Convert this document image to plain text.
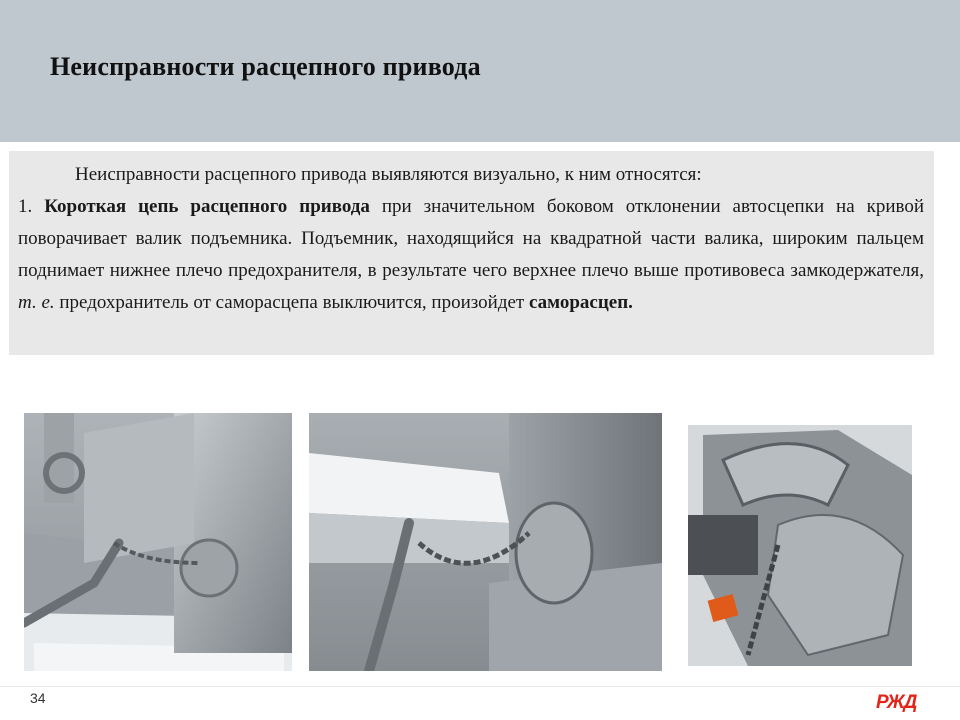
Неисправности расцепного привода

Неисправности расцепного привода выявляются визуально, к ним относятся:

1. Короткая цепь расцепного привода при значительном боковом отклонении автосцепки на кривой поворачивает валик подъемника. Подъемник, находящийся на квадратной части валика, широким пальцем поднимает нижнее плечо предохранителя, в результате чего верхнее плечо выше противовеса замкодержателя, т. е. предохранитель от саморасцепа выключится, произойдет саморасцеп.

34	РЖД
